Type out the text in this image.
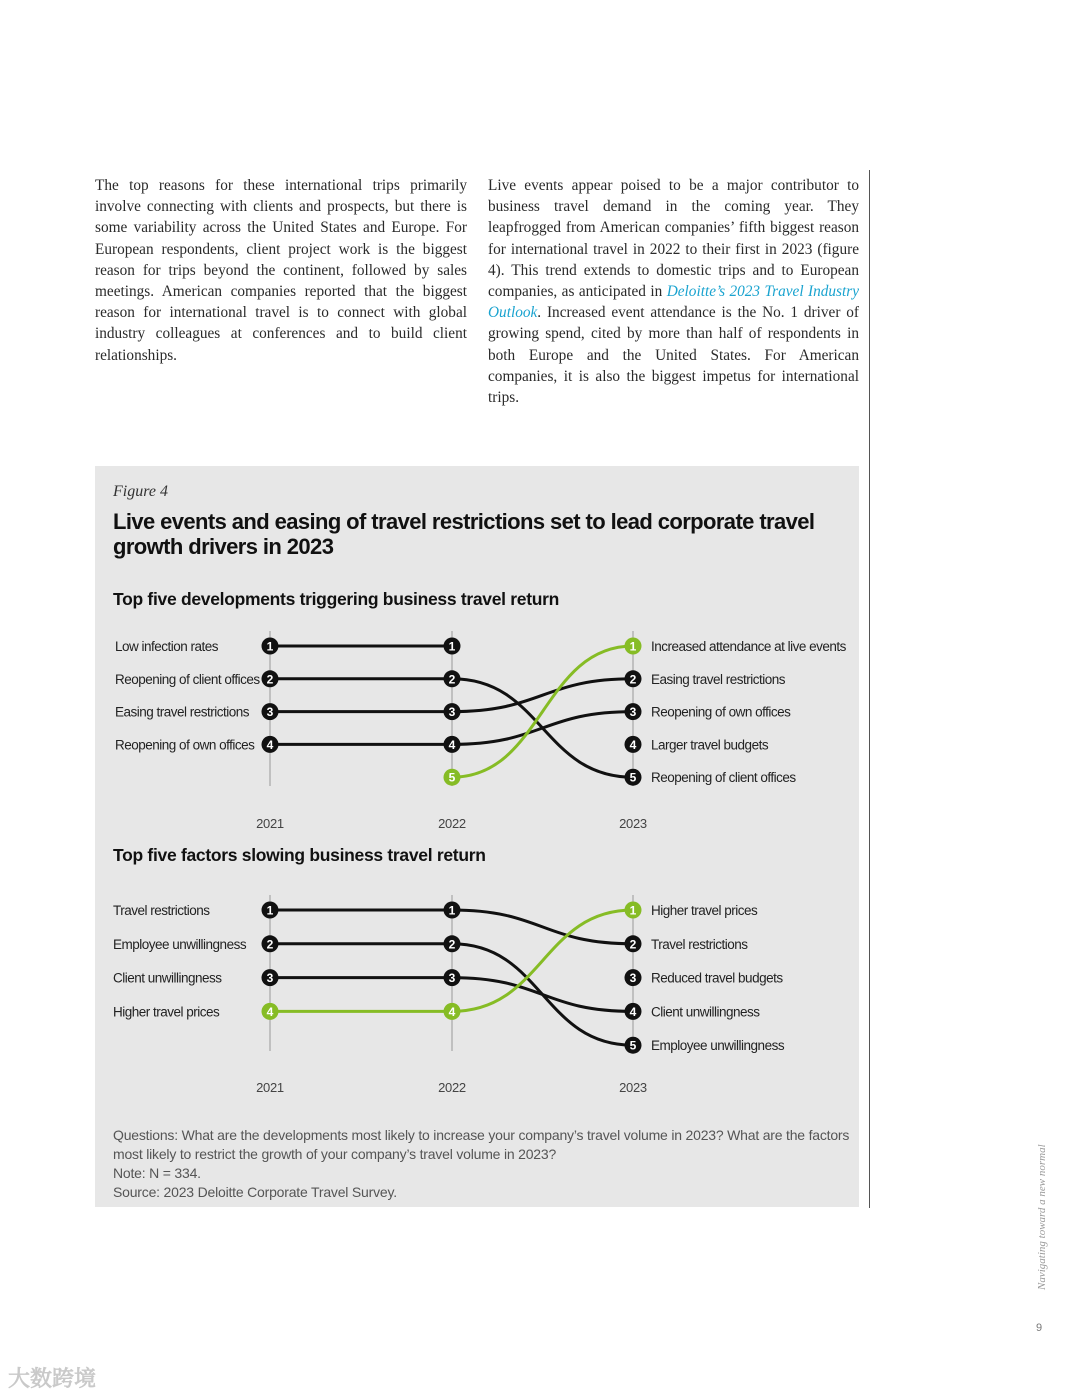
The top reasons for these international trips primarily involve connecting with clients and prospects, but there is some variability across the United States and Europe. For European respondents, client project work is the biggest reason for trips beyond the continent, followed by sales meetings. American companies reported that the biggest reason for international travel is to connect with global industry colleagues at conferences and to build client relationships.
Live events appear poised to be a major contributor to business travel demand in the coming year. They leapfrogged from American companies’ fifth biggest reason for international travel in 2022 to their first in 2023 (figure 4). This trend extends to domestic trips and to European companies, as anticipated in Deloitte’s 2023 Travel Industry Outlook. Increased event attendance is the No. 1 driver of growing spend, cited by more than half of respondents in both Europe and the United States. For American companies, it is also the biggest impetus for international trips.
Figure 4
Live events and easing of travel restrictions set to lead corporate travel growth drivers in 2023
Top five developments triggering business travel return
Top five factors slowing business travel return
2021	2022	2023
1	1
2	2
5
3	3
2
4	4
3
4
5
1
Low infection rates
Reopening of client offices
Easing travel restrictions
Reopening of own offices
Increased attendance at live events
Easing travel restrictions
Reopening of own offices
Larger travel budgets
Reopening of client offices
2021	2022	2023
1	1
2
2	2
5
3	3
4
3
4	4
1
Travel restrictions
Employee unwillingness
Client unwillingness
Higher travel prices
Higher travel prices
Travel restrictions
Reduced travel budgets
Client unwillingness
Employee unwillingness
Questions: What are the developments most likely to increase your company’s travel volume in 2023? What are the factors most likely to restrict the growth of your company’s travel volume in 2023?
Note: N = 334.
Source: 2023 Deloitte Corporate Travel Survey.	Navigating toward a new normal
9
大数跨境
